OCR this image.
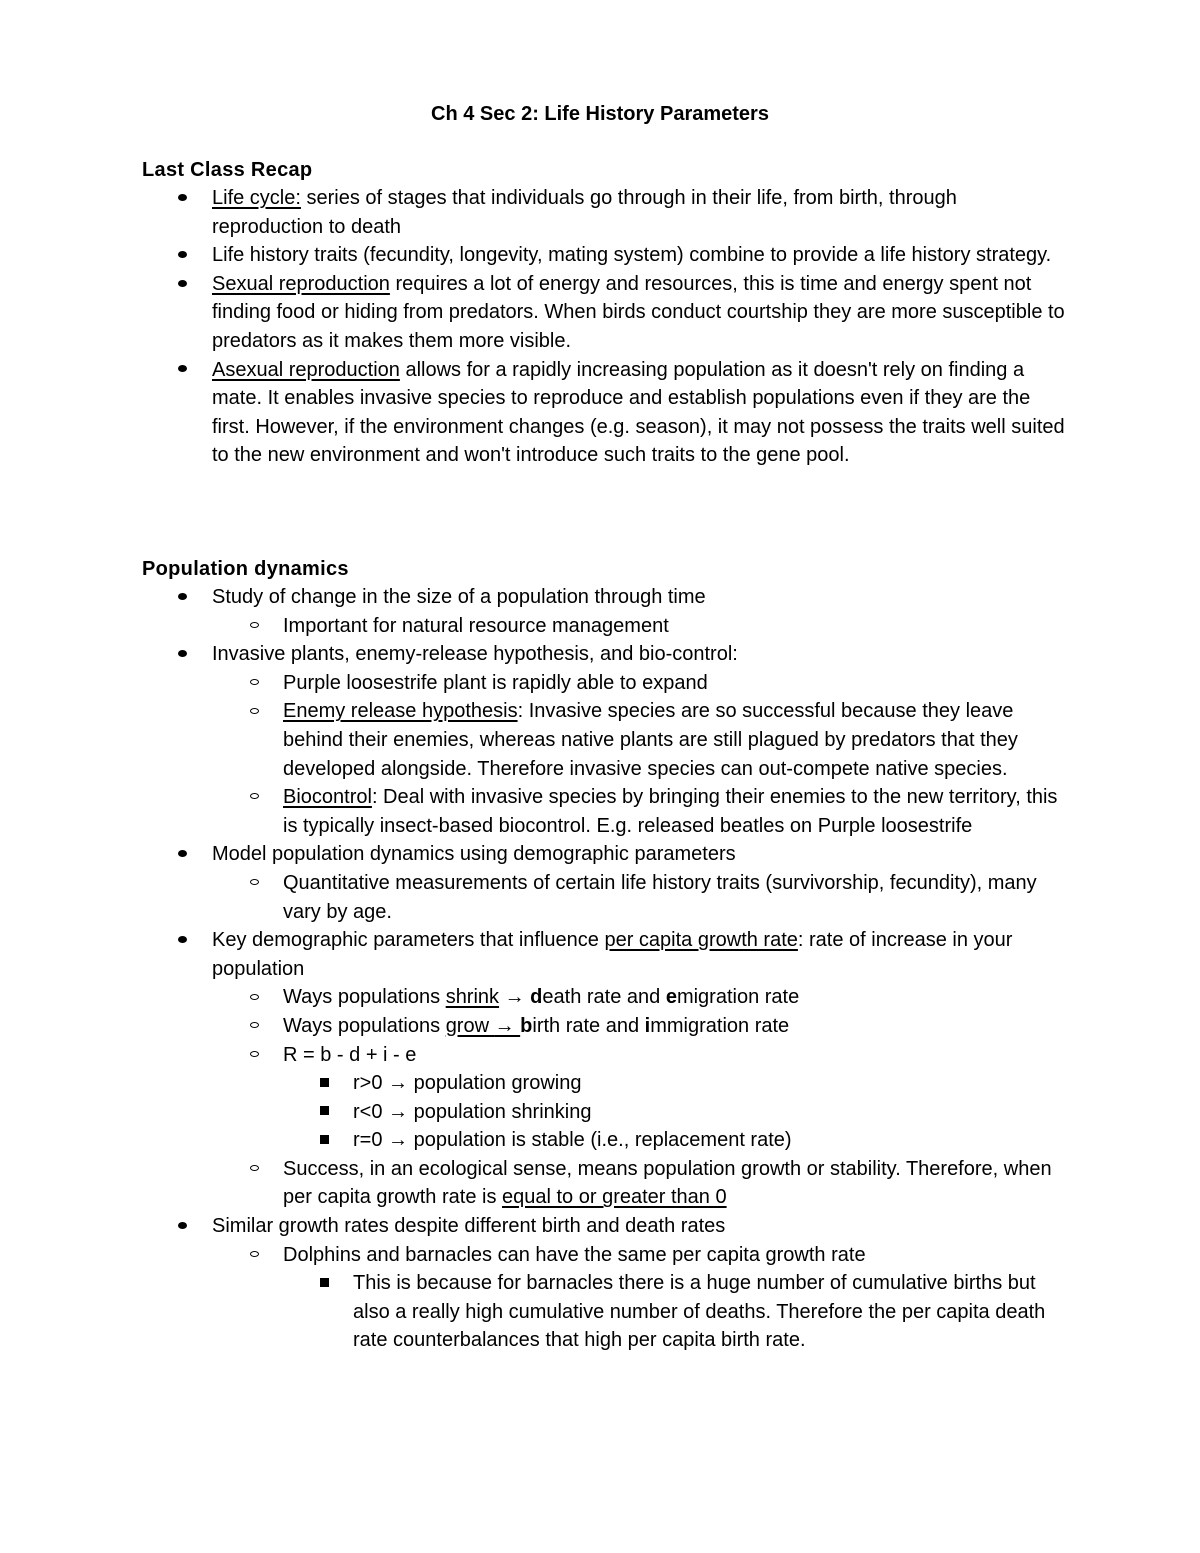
Ch 4 Sec 2: Life History Parameters
Last Class Recap
Life cycle: series of stages that individuals go through in their life, from birth, through reproduction to death
Life history traits (fecundity, longevity, mating system) combine to provide a life history strategy.
Sexual reproduction requires a lot of energy and resources, this is time and energy spent not finding food or hiding from predators. When birds conduct courtship they are more susceptible to predators as it makes them more visible.
Asexual reproduction allows for a rapidly increasing population as it doesn't rely on finding a mate. It enables invasive species to reproduce and establish populations even if they are the first. However, if the environment changes (e.g. season), it may not possess the traits well suited to the new environment and won't introduce such traits to the gene pool.
Population dynamics
Study of change in the size of a population through time
Important for natural resource management
Invasive plants, enemy-release hypothesis, and bio-control:
Purple loosestrife plant is rapidly able to expand
Enemy release hypothesis: Invasive species are so successful because they leave behind their enemies, whereas native plants are still plagued by predators that they developed alongside. Therefore invasive species can out-compete native species.
Biocontrol: Deal with invasive species by bringing their enemies to the new territory, this is typically insect-based biocontrol. E.g. released beatles on Purple loosestrife
Model population dynamics using demographic parameters
Quantitative measurements of certain life history traits (survivorship, fecundity), many vary by age.
Key demographic parameters that influence per capita growth rate: rate of increase in your population
Ways populations shrink → death rate and emigration rate
Ways populations grow → birth rate and immigration rate
R = b - d + i - e
r>0 → population growing
r<0 → population shrinking
r=0 → population is stable (i.e., replacement rate)
Success, in an ecological sense, means population growth or stability. Therefore, when per capita growth rate is equal to or greater than 0
Similar growth rates despite different birth and death rates
Dolphins and barnacles can have the same per capita growth rate
This is because for barnacles there is a huge number of cumulative births but also a really high cumulative number of deaths. Therefore the per capita death rate counterbalances that high per capita birth rate.
